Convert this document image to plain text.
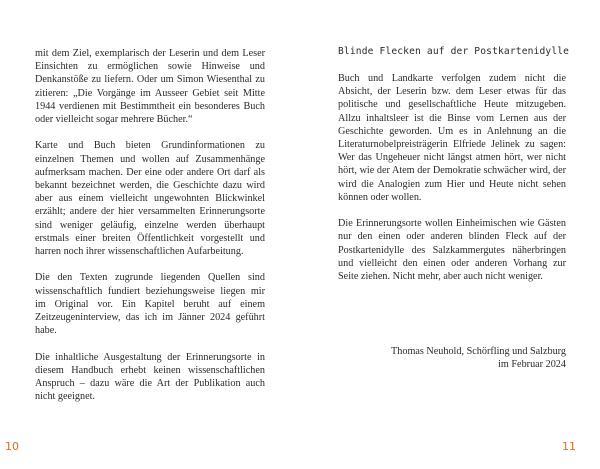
mit dem Ziel, exemplarisch der Leserin und dem Leser Einsichten zu ermöglichen sowie Hinweise und Denkanstöße zu liefern. Oder um Simon Wiesenthal zu zitieren: „Die Vorgänge im Ausseer Gebiet seit Mitte 1944 verdienen mit Bestimmtheit ein besonderes Buch oder vielleicht sogar mehrere Bücher.“

Karte und Buch bieten Grundinformationen zu einzelnen Themen und wollen auf Zusammenhänge aufmerksam machen. Der eine oder andere Ort darf als bekannt bezeichnet werden, die Geschichte dazu wird aber aus einem vielleicht ungewohnten Blickwinkel erzählt; andere der hier versammelten Erinnerungsorte sind weniger geläufig, einzelne werden überhaupt erstmals einer breiten Öffentlichkeit vorgestellt und harren noch ihrer wissenschaftlichen Aufarbeitung.

Die den Texten zugrunde liegenden Quellen sind wissenschaftlich fundiert beziehungsweise liegen mir im Original vor. Ein Kapitel beruht auf einem Zeitzeugeninterview, das ich im Jänner 2024 geführt habe.

Die inhaltliche Ausgestaltung der Erinnerungsorte in diesem Handbuch erhebt keinen wissenschaftlichen Anspruch – dazu wäre die Art der Publikation auch nicht geeignet.

10
Blinde Flecken auf der Postkartenidylle

Buch und Landkarte verfolgen zudem nicht die Absicht, der Leserin bzw. dem Leser etwas für das politische und gesellschaftliche Heute mitzugeben. Allzu inhaltsleer ist die Binse vom Lernen aus der Geschichte geworden. Um es in Anlehnung an die Literaturnobelpreisträgerin Elfriede Jelinek zu sagen: Wer das Ungeheuer nicht längst atmen hört, wer nicht hört, wie der Atem der Demokratie schwächer wird, der wird die Analogien zum Hier und Heute nicht sehen können oder wollen.

Die Erinnerungsorte wollen Einheimischen wie Gästen nur den einen oder anderen blinden Fleck auf der Postkartenidylle des Salzkammergutes näherbringen und vielleicht den einen oder anderen Vorhang zur Seite ziehen. Nicht mehr, aber auch nicht weniger.

Thomas Neuhold, Schörfling und Salzburg
im Februar 2024
11
